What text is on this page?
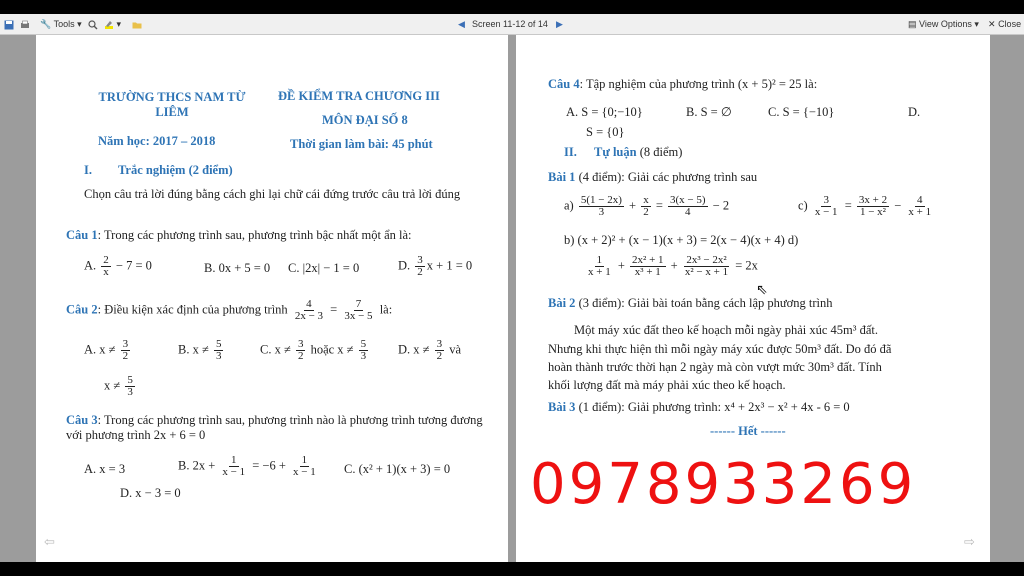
🔧 Tools ▾	▾	◀ Screen 11-12 of 14 ▶	▤ View Options ▾ ✕ Close
TRƯỜNG THCS NAM TỪ LIÊM
Năm học: 2017 – 2018
ĐỀ KIỂM TRA CHƯƠNG III
MÔN ĐẠI SỐ 8
Thời gian làm bài: 45 phút
I. Trắc nghiệm (2 điểm)
Chọn câu trả lời đúng bằng cách ghi lại chữ cái đứng trước câu trả lời đúng
Câu 1: Trong các phương trình sau, phương trình bậc nhất một ẩn là:
A. $\frac{2}{x} - 7 = 0$	B. 0x + 5 = 0 C. |2x| − 1 = 0	D. $\frac{3}{2}$ x + 1 = 0
Câu 2: Điều kiện xác định của phương trình $\frac{4}{2x - 3} = \frac{7}{3x - 5}$ là:
A. $x \ne \frac{3}{2}$	B. $x \ne \frac{5}{3}$	C. $x \ne \frac{3}{2}$ hoặc $x \ne \frac{5}{3} D$. $x \ne \frac{3}{2}$ và
$x \ne \frac{5}{3}$
Câu 3: Trong các phương trình sau, phương trình nào là phương trình tương đương với phương trình 2x + 6 = 0
A. x = 3	B. $2x + \frac{1}{x - 1} = -6 + \frac{1}{x - 1} C$. (x² + 1)(x + 3) = 0
D. x − 3 = 0
⇦
Câu 4: Tập nghiệm của phương trình (x + 5)² = 25 là:
A. S = {0;−10}	B. S = ∅	C. S = {−10}	D.
S = {0}
II. Tự luận (8 điểm)
Bài 1 (4 điểm): Giải các phương trình sau
$a) \frac{5(1 - 2x)}{3} + \frac{x}{2} = \frac{3(x - 5)}{4} - 2$	$c) \frac{3}{x - 1} = \frac{3x + 2}{\text{1 − x²}} - \frac{4}{x + 1}$
b) (x + 2)² + (x − 1)(x + 3) = 2(x − 4)(x + 4) d)
$\frac{1}{x + 1} + \frac{\text{2x² + 1}}{\text{x³ + 1}} + \frac{\text{2x³ − 2x²}}{\text{x² − x + 1}} = 2x$
Bài 2 (3 điểm): Giải bài toán bằng cách lập phương trình
Một máy xúc đất theo kế hoạch mỗi ngày phải xúc 45m³ đất.
Nhưng khi thực hiện thì mỗi ngày máy xúc được 50m³ đất. Do đó đã
hoàn thành trước thời hạn 2 ngày mà còn vượt mức 30m³ đất. Tính
khối lượng đất mà máy phải xúc theo kế hoạch.
Bài 3 (1 điểm): Giải phương trình: x⁴ + 2x³ − x² + 4x - 6 = 0
------ Hết ------
⇨
0978933269
⇖
